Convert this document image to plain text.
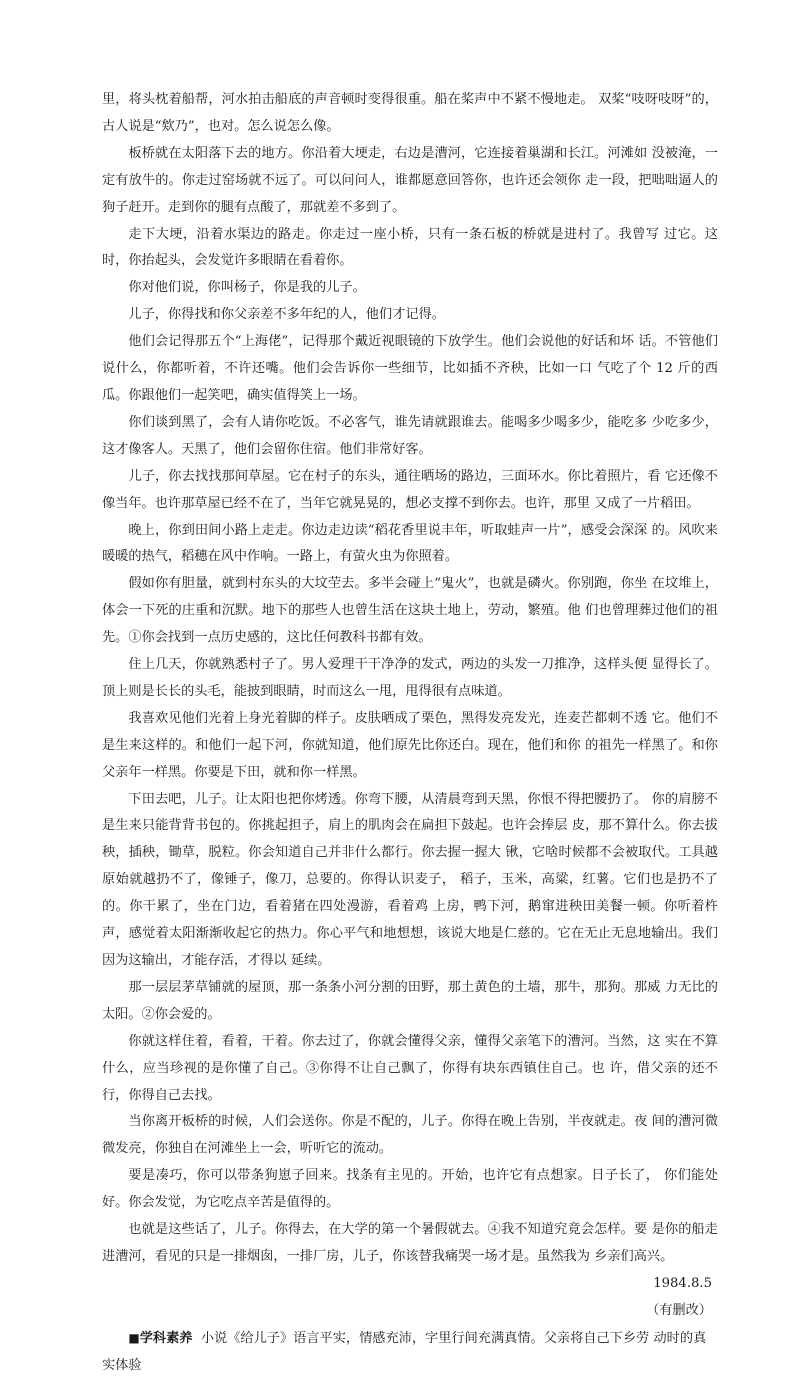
里，将头枕着船帮，河水拍击船底的声音顿时变得很重。船在桨声中不紧不慢地走。 双桨“吱呀吱呀”的，古人说是“欸乃”，也对。怎么说怎么像。

板桥就在太阳落下去的地方。你沿着大埂走，右边是漕河，它连接着巢湖和长江。河滩如 没被淹，一定有放牛的。你走过窑场就不远了。可以问问人，谁都愿意回答你，也许还会领你 走一段，把咄咄逼人的狗子赶开。走到你的腿有点酸了，那就差不多到了。

走下大埂，沿着水渠边的路走。你走过一座小桥，只有一条石板的桥就是进村了。我曾写 过它。这时，你抬起头，会发觉许多眼睛在看着你。

你对他们说，你叫杨子，你是我的儿子。

儿子，你得找和你父亲差不多年纪的人，他们才记得。

他们会记得那五个“上海佬”，记得那个戴近视眼镜的下放学生。他们会说他的好话和坏 话。不管他们说什么，你都听着，不许还嘴。他们会告诉你一些细节，比如插不齐秧，比如一口 气吃了个 12 斤的西瓜。你跟他们一起笑吧，确实值得笑上一场。

你们谈到黑了，会有人请你吃饭。不必客气，谁先请就跟谁去。能喝多少喝多少，能吃多 少吃多少，这才像客人。天黑了，他们会留你住宿。他们非常好客。

儿子，你去找找那间草屋。它在村子的东头，通往晒场的路边，三面环水。你比着照片，看 它还像不像当年。也许那草屋已经不在了，当年它就晃晃的，想必支撑不到你去。也许，那里 又成了一片稻田。

晚上，你到田间小路上走走。你边走边读“稻花香里说丰年，听取蛙声一片”，感受会深深 的。风吹来暖暖的热气，稻穗在风中作响。一路上，有萤火虫为你照着。

假如你有胆量，就到村东头的大坟茔去。多半会碰上“鬼火”，也就是磷火。你别跑，你坐 在坟堆上，体会一下死的庄重和沉默。地下的那些人也曾生活在这块土地上，劳动，繁殖。他 们也曾理葬过他们的祖先。①你会找到一点历史感的，这比任何教科书都有效。

住上几天，你就熟悉村子了。男人爱理干干净净的发式，两边的头发一刀推净，这样头便 显得长了。顶上则是长长的头毛，能披到眼睛，时而这么一甩，甩得很有点味道。

我喜欢见他们光着上身光着脚的样子。皮肤晒成了栗色，黑得发亮发光，连麦芒都刺不透 它。他们不是生来这样的。和他们一起下河，你就知道，他们原先比你还白。现在，他们和你 的祖先一样黑了。和你父亲年一样黑。你要是下田，就和你一样黑。

下田去吧，儿子。让太阳也把你烤透。你弯下腰，从清晨弯到天黑，你恨不得把腰扔了。 你的肩膀不是生来只能背背书包的。你挑起担子，肩上的肌肉会在扁担下鼓起。也许会捧层 皮，那不算什么。你去拔秧，插秧，锄草，脱粒。你会知道自己并非什么都行。你去握一握大 锹，它啥时候都不会被取代。工具越原始就越扔不了，像锤子，像刀，总要的。你得认识麦子， 稻子，玉米，高粱，红薯。它们也是扔不了的。你干累了，坐在门边，看着猪在四处漫游，看着鸡 上房，鸭下河，鹅窜进秧田美餐一顿。你听着杵声，感觉着太阳渐渐收起它的热力。你心平气和地想想，该说大地是仁慈的。它在无止无息地输出。我们因为这输出，才能存活，才得以 延续。

那一层层茅草铺就的屋顶，那一条条小河分割的田野，那土黄色的土墙，那牛，那狗。那威 力无比的太阳。②你会爱的。

你就这样住着，看着，干着。你去过了，你就会懂得父亲，懂得父亲笔下的漕河。当然，这 实在不算什么，应当珍视的是你懂了自己。③你得不让自己飘了，你得有块东西镇住自己。也 许，借父亲的还不行，你得自己去找。

当你离开板桥的时候，人们会送你。你是不配的，儿子。你得在晚上告别，半夜就走。夜 间的漕河微微发亮，你独自在河滩坐上一会，听听它的流动。

要是凑巧，你可以带条狗崽子回来。找条有主见的。开始，也许它有点想家。日子长了， 你们能处好。你会发觉，为它吃点辛苦是值得的。

也就是这些话了，儿子。你得去，在大学的第一个暑假就去。④我不知道究竟会怎样。要 是你的船走进漕河，看见的只是一排烟囱，一排厂房，儿子，你该替我痛哭一场才是。虽然我为 乡亲们高兴。

1984.8.5

（有删改）

■学科素养 小说《给儿子》语言平实，情感充沛，字里行间充满真情。父亲将自己下乡劳 动时的真实体验
